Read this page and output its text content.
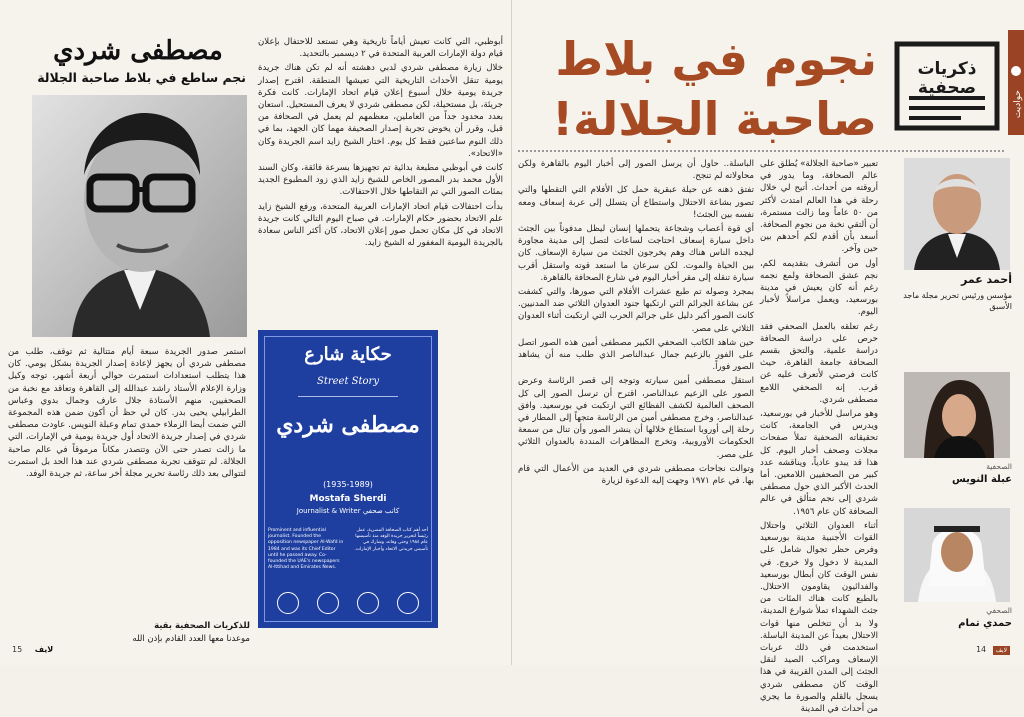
أبوظبي، التي كانت تعيش أياماً تاريخية وهي تستعد للاحتفال بإعلان قيام دولة الإمارات العربية المتحدة في ٢ ديسمبر بالتحديد.

خلال زيارة مصطفى شردي لدبي دهشته أنه لم تكن هناك جريدة يومية تنقل الأحداث التاريخية التي تعيشها المنطقة. اقترح إصدار جريدة يومية خلال أسبوع إعلان قيام اتحاد الإمارات. كانت فكرة جريئة، بل مستحيلة، لكن مصطفى شردي لا يعرف المستحيل. استعان بعدد محدود جداً من العاملين، معظمهم لم يعمل في الصحافة من قبل، وقرر أن يخوض تجربة إصدار الصحيفة مهما كان الجهد، بما في ذلك النوم ساعتين فقط كل يوم. اختار الشيخ زايد اسم الجريدة وكان «الاتحاد».

كانت في أبوظبي مطبعة بدائية تم تجهيزها بسرعة فائقة، وكان السند الأول محمد بدر المصور الخاص للشيخ زايد الذي زود المطبوع الجديد بمئات الصور التي تم التقاطها خلال الاحتفالات.

بدأت احتفالات قيام اتحاد الإمارات العربية المتحدة، ورفع الشيخ زايد علم الاتحاد بحضور حكام الإمارات. في صباح اليوم التالي كانت جريدة الاتحاد في كل مكان تحمل صور إعلان الاتحاد، كان أكثر الناس سعادة بالجريدة اليومية المغفور له الشيخ زايد.

مصطفى شردي
نجم ساطع في بلاط صاحبة الجلالة
حكاية شارع
Street Story
مصطفى شردي
(1935-1989)
Mostafa Sherdi
Journalist & Writer كاتب صحفي
Prominent and influential journalist. Founded the opposition newspaper Al-Wafd in 1984 and was its Chief Editor until he passed away. Co-founded the UAE's newspapers Al-Ittihad and Emirates News.
أحد أهم كتاب الصحافة المصرية، عمل رئيساً لتحرير جريدة الوفد منذ تأسيسها عام ١٩٨٤ وحتى وفاته، وشارك في تأسيس جريدتي الاتحاد وأخبار الإمارات.

استمر صدور الجريدة سبعة أيام متتالية ثم توقف، طلب من مصطفى شردي أن يجهز لإعادة إصدار الجريدة بشكل يومي. كان هذا يتطلب استعدادات استمرت حوالي أربعة أشهر، توجه وكيل وزارة الإعلام الأستاذ راشد عبدالله إلى القاهرة وتعاقد مع نخبة من الصحفيين، منهم الأستاذة جلال عارف وجمال بدوي وعباس الطرابيلي يحيى بدر. كان لي حظ أن أكون ضمن هذه المجموعة التي ضمت أيضا الزملاء حمدي تمام وعبلة النويس. عاودت مصطفى شردي في إصدار جريدة الاتحاد أول جريدة يومية في الإمارات، التي ما زالت تصدر حتى الآن وتتصدر مكاناً مرموقاً في عالم صاحبة الجلالة. لم تتوقف تجربة مصطفى شردي عند هذا الحد بل استمرت لتتوالى بعد ذلك رئاسة تحرير مجلة أخر ساعة، ثم جريدة الوفد.

للذكريات الصحفية بقية
موعدنا معها العدد القادم بإذن الله
15 لايف
نجوم في بلاط
صاحبة الجلالة!
ذكريات صحفية
حواديت

تعبير «صاحبة الجلالة» يُطلق على عالم الصحافة، وما يدور في أروقته من أحداث. أتيح لي خلال رحلة في هذا العالم امتدت لأكثر من ٥٠ عاماً وما زالت مستمرة، أن ألتقي نخبة من نجوم الصحافة. أسعد بأن أقدم لكم أحدهم بين حين وآخر.

أول من أتشرف بتقديمه لكم، نجم عشق الصحافة ولمع نجمه رغم أنه كان يعيش في مدينة بورسعيد، ويعمل مراسلاً لأخبار اليوم.

رغم تعلقه بالعمل الصحفي فقد حرص على دراسة الصحافة دراسة علمية، والتحق بقسم الصحافة جامعة القاهرة، حيث كانت فرصتي لأتعرف عليه عن قرب. إنه الصحفي اللامع مصطفى شردي.

وهو مراسل للأخبار في بورسعيد، ويدرس في الجامعة، كانت تحقيقاته الصحفية تملأ صفحات مجلات وصحف أخبار اليوم. كل هذا قد يبدو عادياً، ويناقشه عدد كبير من الصحفيين اللامعين. أما الحدث الأكبر الذي حول مصطفى شردي إلى نجم متألق في عالم الصحافة كان عام ١٩٥٦.

أثناء العدوان الثلاثي واحتلال القوات الأجنبية مدينة بورسعيد وفرض حظر تجوال شامل على المدينة لا دخول ولا خروج. في نفس الوقت كان أبطال بورسعيد والفدائيون يقاومون الاحتلال. بالطبع كانت هناك المئات من جثث الشهداء تملأ شوارع المدينة، ولا بد أن تتخلص منها قوات الاحتلال بعيداً عن المدينة الباسلة. استخدمت في ذلك عربات الإسعاف ومراكب الصيد لنقل الجثث إلى المدن القريبة في هذا الوقت كان مصطفى شردي يسجل بالقلم والصورة ما يجري من أحداث في المدينة

الباسلة.. حاول أن يرسل الصور إلى أخبار اليوم بالقاهرة ولكن محاولاته لم تنجح.

تفتق ذهنه عن حيلة عبقرية حمل كل الأفلام التي التقطها والتي تصور بشاعة الاحتلال واستطاع أن يتسلل إلى عربة إسعاف ومعه نفسه بين الجثث!

أي قوة أعصاب وشجاعة يتحملها إنسان ليظل مدفوناً بين الجثث داخل سيارة إسعاف احتاجت لساعات لتصل إلى مدينة مجاورة ليجده الناس هناك وهم يخرجون الجثث من سيارة الإسعاف. كان بين الحياة والموت. لكن سرعان ما استعد قوته واستقل أقرب سيارة تنقله إلى مقر أخبار اليوم في شارع الصحافة بالقاهرة.

بمجرد وصوله تم طبع عشرات الأفلام التي صورها، والتي كشفت عن بشاعة الجرائم التي ارتكبها جنود العدوان الثلاثي ضد المدنيين. كانت الصور أكبر دليل على جرائم الحرب التي ارتكبت أثناء العدوان الثلاثي على مصر.

حين شاهد الكاتب الصحفي الكبير مصطفى أمين هذه الصور اتصل على الفور بالزعيم جمال عبدالناصر الذي طلب منه أن يشاهد الصور فوراً.

استقل مصطفى أمين سيارته وتوجه إلى قصر الرئاسة وعرض الصور على الزعيم عبدالناصر، اقترح أن ترسل الصور إلى كل الصحف العالمية لكشف الفظائع التي ارتكبت في بورسعيد. وافق عبدالناصر، وخرج مصطفى أمين من الرئاسة متجهاً إلى المطار في رحلة إلى أوروبا استطاع خلالها أن ينشر الصور وأن تنال من سمعة الحكومات الأوروبية، وتخرج المظاهرات المنددة بالعدوان الثلاثي على مصر.

وتوالت نجاحات مصطفى شردي في العديد من الأعمال التي قام بها. في عام ١٩٧١ وجهت إليه الدعوة لزيارة

أحمد عمر
مؤسس ورئيس تحرير مجلة ماجد الأسبق
الصحفية
عبلة النويس
الصحفي
حمدي تمام
لايف 14
